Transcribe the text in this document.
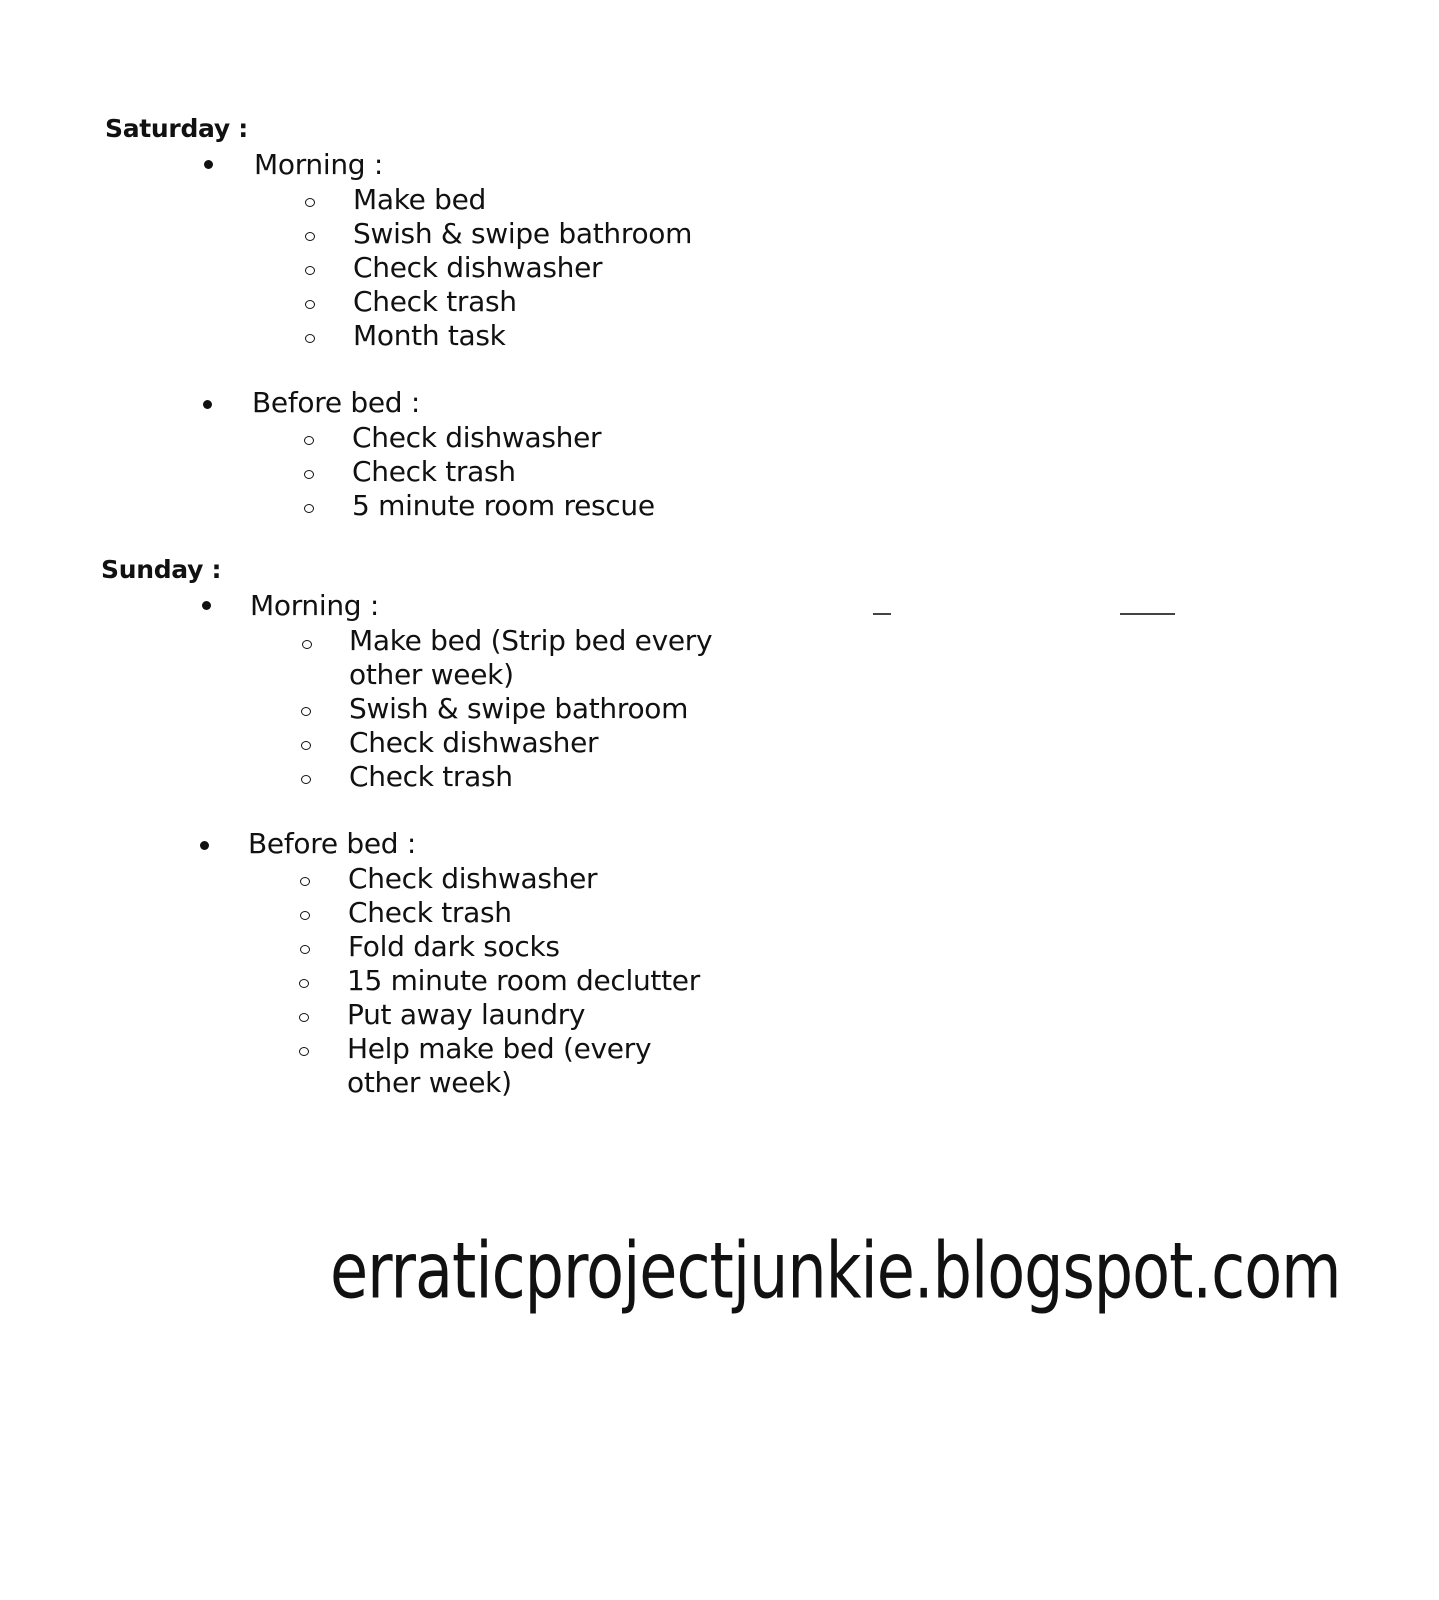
Saturday :
Morning :
Make bed
Swish & swipe bathroom
Check dishwasher
Check trash
Month task
Before bed :
Check dishwasher
Check trash
5 minute room rescue
Sunday :
Morning :
Make bed (Strip bed every other week)
Swish & swipe bathroom
Check dishwasher
Check trash
Before bed :
Check dishwasher
Check trash
Fold dark socks
15 minute room declutter
Put away laundry
Help make bed (every other week)
erraticprojectjunkie.blogspot.com
